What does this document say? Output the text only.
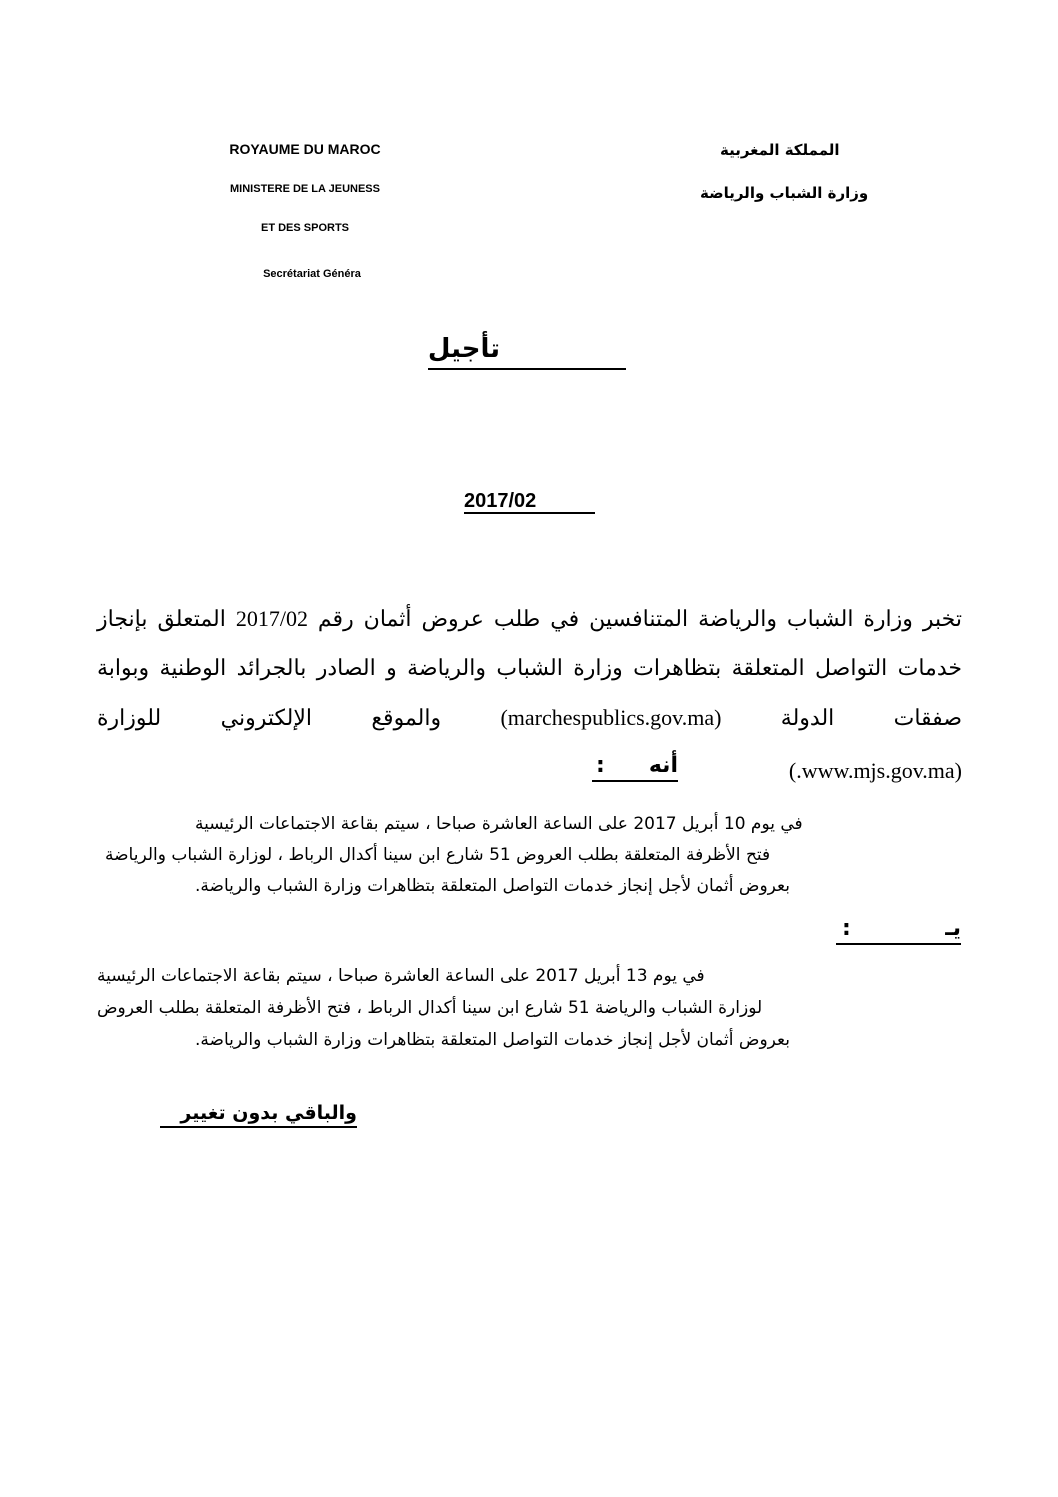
ROYAUME DU MAROC
MINISTERE DE LA JEUNESS
ET DES SPORTS
Secrétariat Généra
المملكة المغربية
وزارة الشباب والرياضة
تأجيل
2017/02
تخبر وزارة الشباب والرياضة المتنافسين في طلب عروض أثمان رقم 2017/02 المتعلق بإنجاز
خدمات التواصل المتعلقة بتظاهرات وزارة الشباب والرياضة و الصادر بالجرائد الوطنية وبوابة
صفقات الدولة (marchespublics.gov.ma) والموقع الإلكتروني للوزارة
(www.mjs.gov.ma.)
أنه
:
في يوم 10 أبريل 2017 على الساعة العاشرة صباحا ، سيتم بقاعة الاجتماعات الرئيسية
فتح الأظرفة المتعلقة بطلب العروض 51 شارع ابن سينا أكدال الرباط ، لوزارة الشباب والرياضة
بعروض أثمان لأجل إنجاز خدمات التواصل المتعلقة بتظاهرات وزارة الشباب والرياضة.
يـ
:
في يوم 13 أبريل 2017 على الساعة العاشرة صباحا ، سيتم بقاعة الاجتماعات الرئيسية
لوزارة الشباب والرياضة 51 شارع ابن سينا أكدال الرباط ، فتح الأظرفة المتعلقة بطلب العروض
بعروض أثمان لأجل إنجاز خدمات التواصل المتعلقة بتظاهرات وزارة الشباب والرياضة.
والباقي بدون تغيير
